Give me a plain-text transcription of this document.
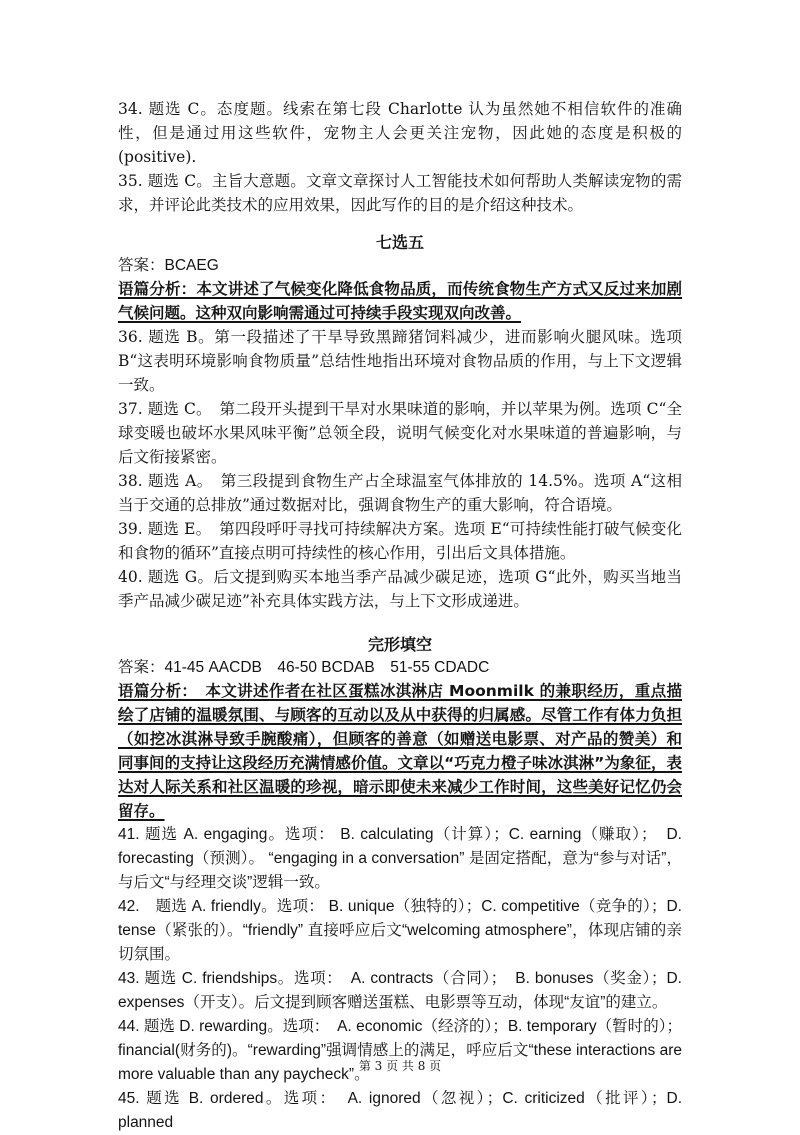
34. 题选 C。态度题。线索在第七段 Charlotte 认为虽然她不相信软件的准确性，但是通过用这些软件，宠物主人会更关注宠物，因此她的态度是积极的(positive).

35. 题选 C。主旨大意题。文章文章探讨人工智能技术如何帮助人类解读宠物的需求，并评论此类技术的应用效果，因此写作的目的是介绍这种技术。

七选五

答案：BCAEG

语篇分析：本文讲述了气候变化降低食物品质，而传统食物生产方式又反过来加剧气候问题。这种双向影响需通过可持续手段实现双向改善。

36. 题选 B。第一段描述了干旱导致黑蹄猪饲料减少，进而影响火腿风味。选项 B“这表明环境影响食物质量”总结性地指出环境对食物品质的作用，与上下文逻辑一致。

37. 题选 C。　第二段开头提到干旱对水果味道的影响，并以苹果为例。选项 C“全球变暖也破坏水果风味平衡”总领全段，说明气候变化对水果味道的普遍影响，与后文衔接紧密。

38. 题选 A。　第三段提到食物生产占全球温室气体排放的 14.5%。选项 A“这相当于交通的总排放”通过数据对比，强调食物生产的重大影响，符合语境。

39. 题选 E。　第四段呼吁寻找可持续解决方案。选项 E“可持续性能打破气候变化和食物的循环”直接点明可持续性的核心作用，引出后文具体措施。

40. 题选 G。后文提到购买本地当季产品减少碳足迹，选项 G“此外，购买当地当季产品减少碳足迹”补充具体实践方法，与上下文形成递进。

完形填空

答案：41-45 AACDB　46-50 BCDAB　51-55 CDADC

语篇分析：　本文讲述作者在社区蛋糕冰淇淋店 Moonmilk 的兼职经历，重点描绘了店铺的温暖氛围、与顾客的互动以及从中获得的归属感。尽管工作有体力负担（如挖冰淇淋导致手腕酸痛），但顾客的善意（如赠送电影票、对产品的赞美）和同事间的支持让这段经历充满情感价值。文章以“巧克力橙子味冰淇淋”为象征，表达对人际关系和社区温暖的珍视，暗示即使未来减少工作时间，这些美好记忆仍会留存。

41. 题选 A. engaging。选项： B. calculating（计算）；C. earning（赚取）；　D. forecasting（预测）。 “engaging in a conversation” 是固定搭配，意为“参与对话”，与后文“与经理交谈”逻辑一致。

42.　题选 A. friendly。选项： B. unique（独特的）；C. competitive（竞争的）；D. tense（紧张的）。“friendly” 直接呼应后文“welcoming atmosphere”，体现店铺的亲切氛围。

43. 题选 C. friendships。选项：　A. contracts（合同）；　B. bonuses（奖金）；D. expenses（开支）。后文提到顾客赠送蛋糕、电影票等互动，体现“友谊”的建立。

44. 题选 D. rewarding。选项：　A. economic（经济的）；B. temporary（暂时的）；financial(财务的)。“rewarding”强调情感上的满足，呼应后文“these interactions are more valuable than any paycheck”。

45. 题选 B. ordered。选项：　A. ignored（忽视）；C. criticized（批评）；D. planned

第 3 页 共 8 页
